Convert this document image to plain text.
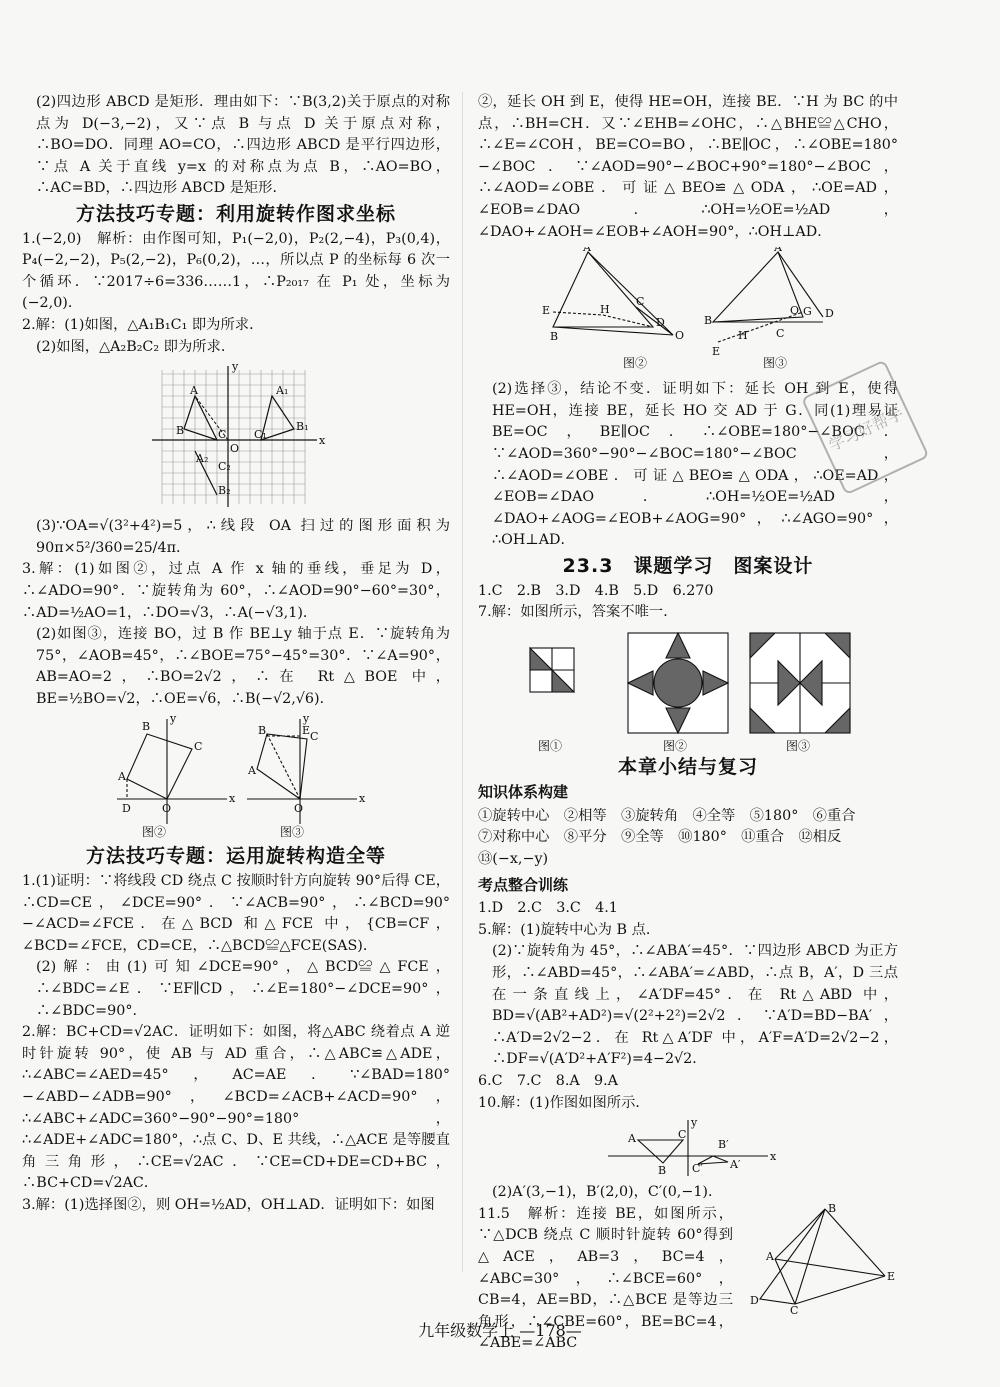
(2)四边形 ABCD 是矩形．理由如下：∵B(3,2)关于原点的对称点为 D(−3,−2)，又∵点 B 与点 D 关于原点对称，∴BO=DO．同理 AO=CO，∴四边形 ABCD 是平行四边形，∵点 A 关于直线 y=x 的对称点为点 B，∴AO=BO，∴AC=BD，∴四边形 ABCD 是矩形．

方法技巧专题：利用旋转作图求坐标

1.(−2,0)　解析：由作图可知，P₁(−2,0)，P₂(2,−4)，P₃(0,4)，P₄(−2,−2)，P₅(2,−2)，P₆(0,2)，…，所以点 P 的坐标每 6 次一个循环．∵2017÷6=336……1，∴P₂₀₁₇ 在 P₁ 处，坐标为(−2,0)．

2.解：(1)如图，△A₁B₁C₁ 即为所求．

(2)如图，△A₂B₂C₂ 即为所求．

x
y
A
B	C
A₁
B₁
C₁
A₂
B₂
C₂
O

(3)∵OA=√(3²+4²)=5，∴线段 OA 扫过的图形面积为 90π×5²/360=25/4π．

3.解：(1)如图②，过点 A 作 x 轴的垂线，垂足为 D，∴∠ADO=90°．∵旋转角为 60°，∴∠AOD=90°−60°=30°，∴AD=½AO=1，∴DO=√3，∴A(−√3,1)．

(2)如图③，连接 BO，过 B 作 BE⊥y 轴于点 E．∵旋转角为 75°，∠AOB=45°，∴∠BOE=75°−45°=30°．∵∠A=90°，AB=AO=2，∴BO=2√2，∴在 Rt△BOE 中，BE=½BO=√2，∴OE=√6，∴B(−√2,√6)．

x
y
B
C
A
D	O
x
y
B	C
A
E
O
图②	图③
方法技巧专题：运用旋转构造全等

1.(1)证明：∵将线段 CD 绕点 C 按顺时针方向旋转 90°后得 CE，∴CD=CE，∠DCE=90°．∵∠ACB=90°，∴∠BCD=90°−∠ACD=∠FCE．在△BCD 和△FCE 中，{CB=CF，∠BCD=∠FCE，CD=CE，∴△BCD≌△FCE(SAS)．

(2)解：由(1)可知∠DCE=90°，△BCD≌△FCE，∴∠BDC=∠E．∵EF∥CD，∴∠E=180°−∠DCE=90°，∴∠BDC=90°．

2.解：BC+CD=√2AC．证明如下：如图，将△ABC 绕着点 A 逆时针旋转 90°，使 AB 与 AD 重合，∴△ABC≌△ADE，∴∠ABC=∠AED=45°，AC=AE．∵∠BAD=180°−∠ABD−∠ADB=90°，∠BCD=∠ACB+∠ACD=90°，∴∠ABC+∠ADC=360°−90°−90°=180°，∴∠ADE+∠ADC=180°，∴点 C、D、E 共线，∴△ACE 是等腰直角三角形，∴CE=√2AC．∵CE=CD+DE=CD+BC，∴BC+CD=√2AC．

3.解：(1)选择图②，则 OH=½AD，OH⊥AD．证明如下：如图

②，延长 OH 到 E，使得 HE=OH，连接 BE．∵H 为 BC 的中点，∴BH=CH．又∵∠EHB=∠OHC，∴△BHE≌△CHO，∴∠E=∠COH，BE=CO=BO，∴BE∥OC，∴∠OBE=180°−∠BOC．∵∠AOD=90°−∠BOC+90°=180°−∠BOC，∴∠AOD=∠OBE．可证△BEO≌△ODA，∴OE=AD，∠EOB=∠DAO．∴OH=½OE=½AD，∠DAO+∠AOH=∠EOB+∠AOH=90°，∴OH⊥AD．

A
E
B
H
C
O
D
A
B
G
O D
H	C
E
图②	图③

(2)选择③，结论不变．证明如下：延长 OH 到 E，使得 HE=OH，连接 BE，延长 HO 交 AD 于 G．同(1)理易证 BE=OC，BE∥OC．∴∠OBE=180°−∠BOC．∵∠AOD=360°−90°−∠BOC=180°−∠BOC，∴∠AOD=∠OBE．可证△BEO≌△ODA，∴OE=AD，∠EOB=∠DAO．∴OH=½OE=½AD，∠DAO+∠AOG=∠EOB+∠AOG=90°，∴∠AGO=90°，∴OH⊥AD．

23.3　课题学习　图案设计

1.C　2.B　3.D　4.B　5.D　6.270

7.解：如图所示，答案不唯一．

图①	图②	图③
本章小结与复习
知识体系构建

①旋转中心　②相等　③旋转角　④全等　⑤180°　⑥重合

⑦对称中心　⑧平分　⑨全等　⑩180°　⑪重合　⑫相反

⑬(−x,−y)

考点整合训练

1.D　2.C　3.C　4.1

5.解：(1)旋转中心为 B 点．

(2)∵旋转角为 45°，∴∠ABA′=45°．∵四边形 ABCD 为正方形，∴∠ABD=45°，∴∠ABA′=∠ABD，∴点 B，A′，D 三点在一条直线上，∠A′DF=45°．在 Rt△ABD 中，BD=√(AB²+AD²)=√(2²+2²)=2√2．∵A′D=BD−BA′，∴A′D=2√2−2．在 Rt△A′DF 中，A′F=A′D=2√2−2，∴DF=√(A′D²+A′F²)=4−2√2．

6.C　7.C　8.A　9.A

10.解：(1)作图如图所示．

x
y
A	C
B
B′
A′
C′

(2)A′(3,−1)，B′(2,0)，C′(0,−1)．

11.5　解析：连接 BE，如图所示，∵△DCB 绕点 C 顺时针旋转 60°得到△ACE，AB=3，BC=4，∠ABC=30°，∴∠BCE=60°，CB=4，AE=BD，∴△BCE 是等边三角形，∴∠CBE=60°，BE=BC=4，∠ABE=∠ABC

B
A
E
D
C
学习好帮手
九年级数学上 —178—
